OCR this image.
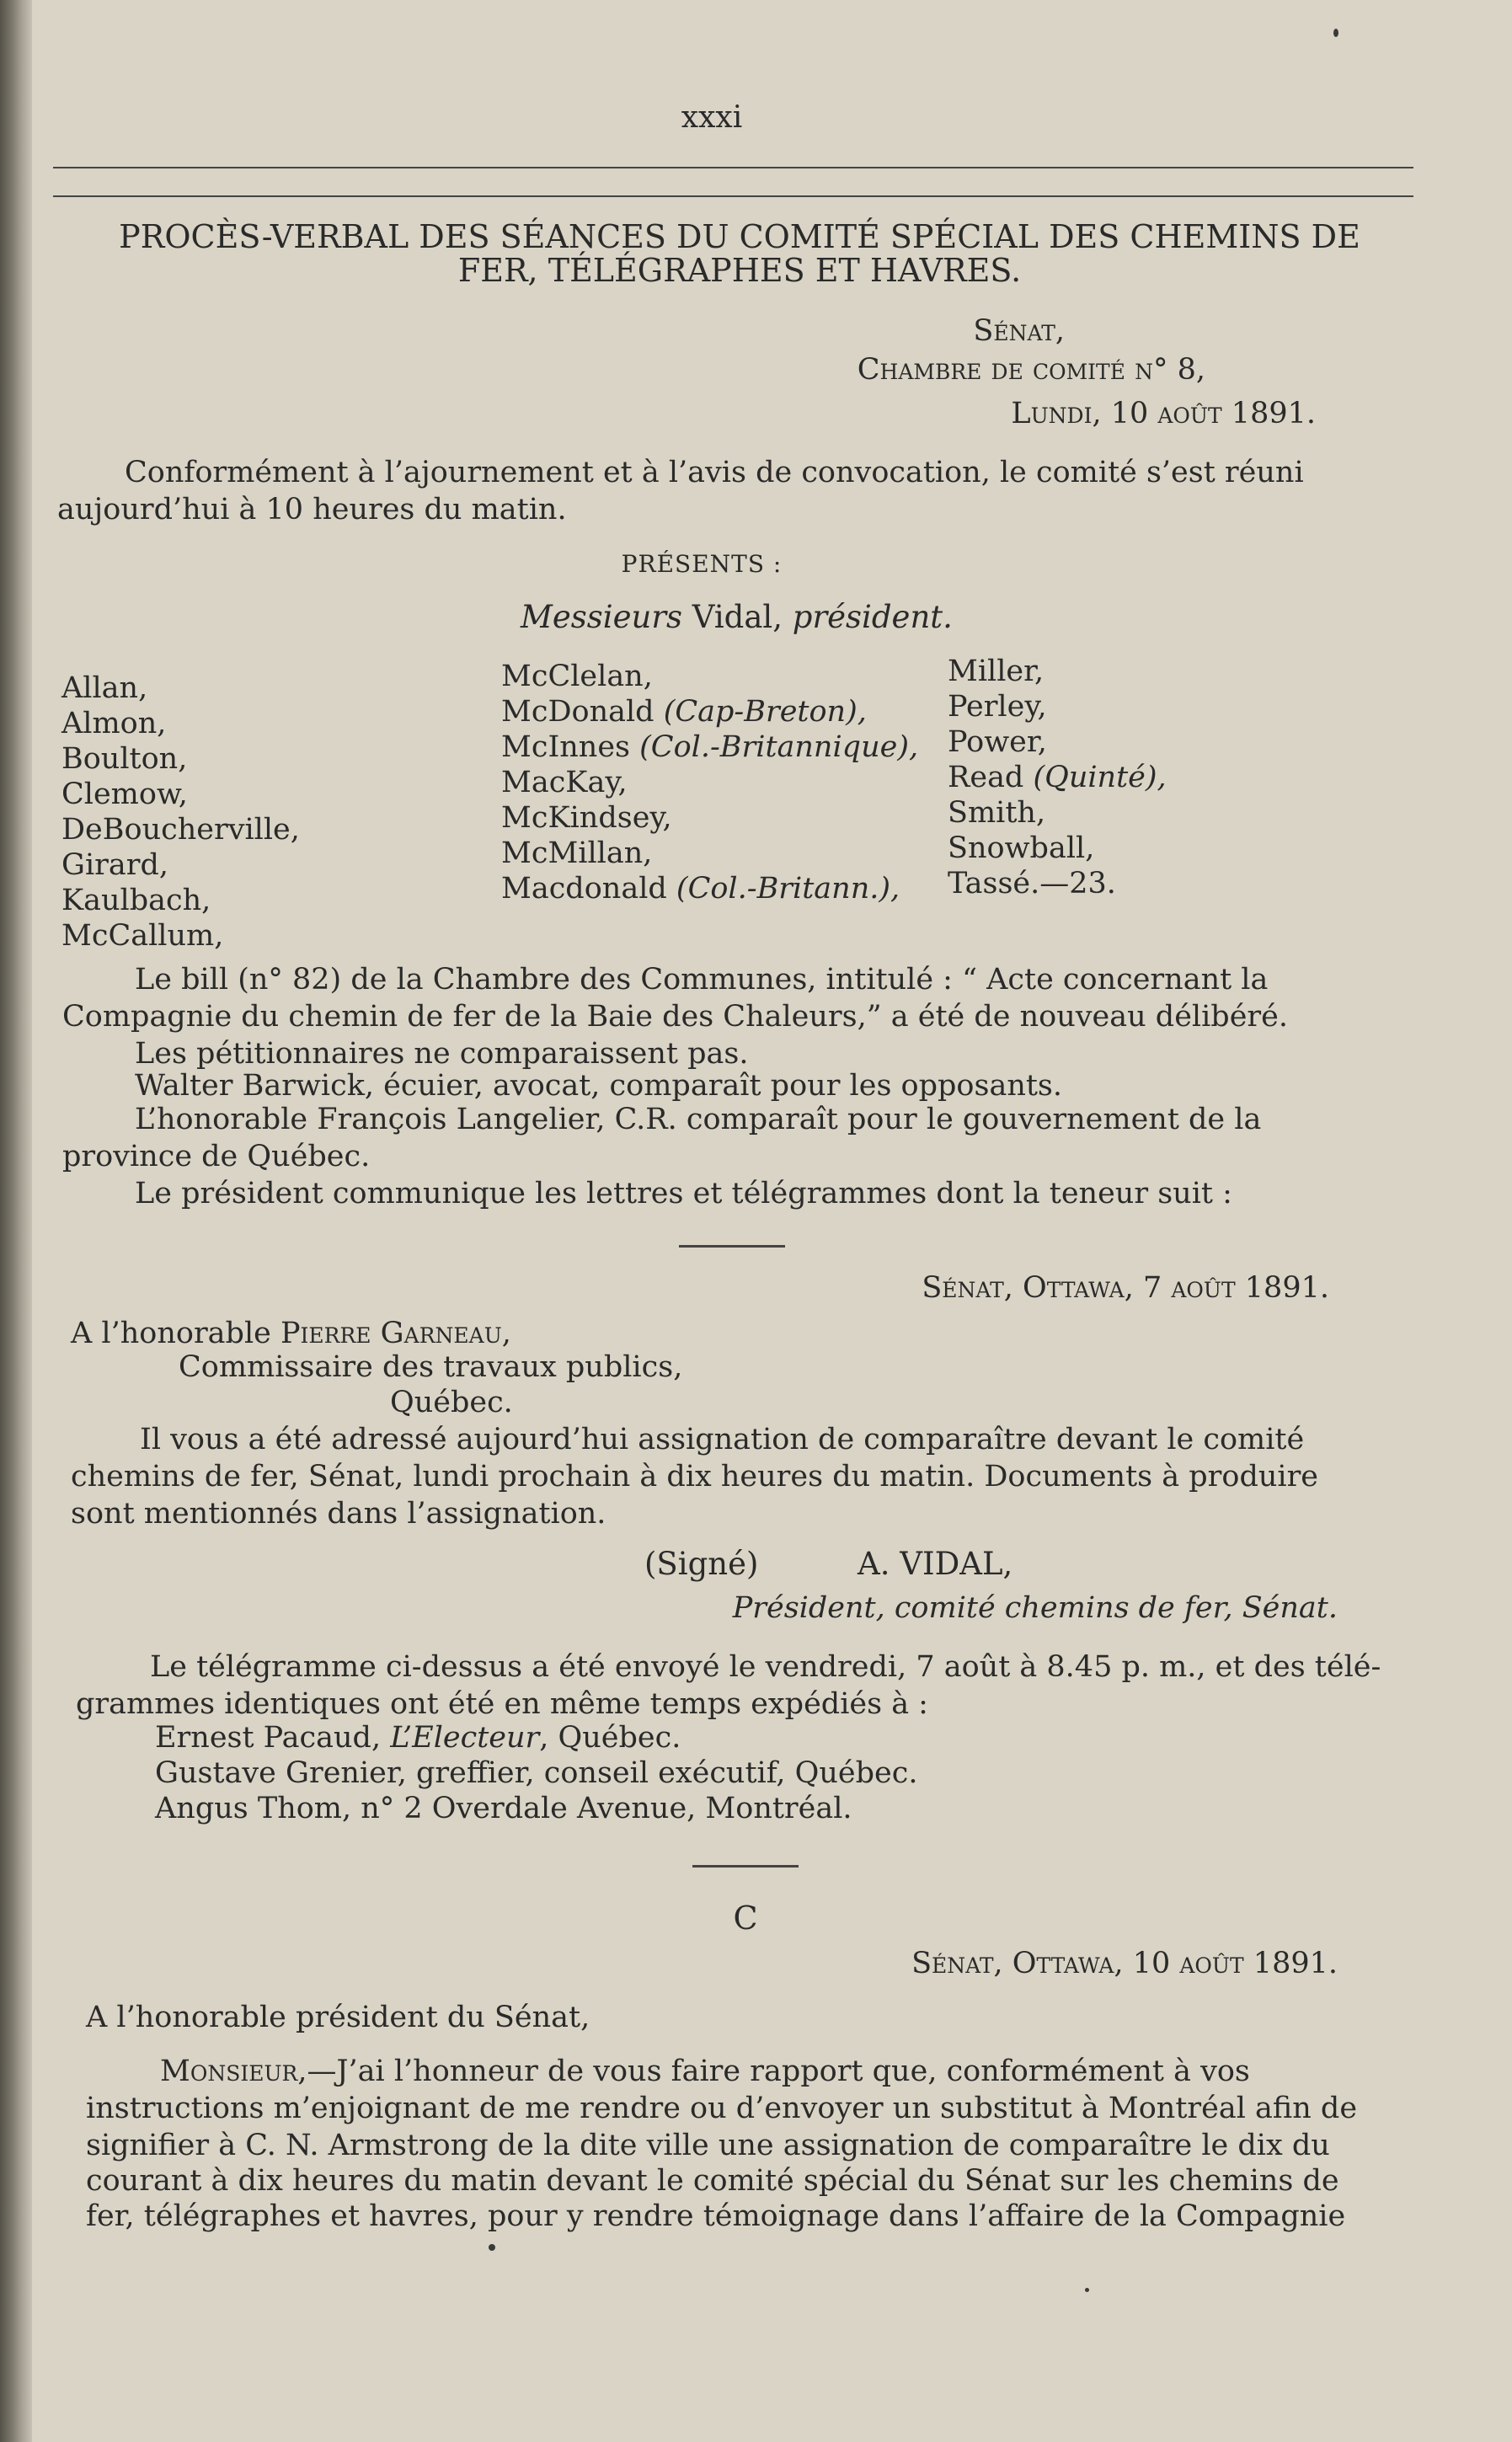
xxxi
PROCÈS-VERBAL DES SÉANCES DU COMITÉ SPÉCIAL DES CHEMINS DE
FER, TÉLÉGRAPHES ET HAVRES.
Sénat,
Chambre de comité n° 8,
Lundi, 10 août 1891.
Conformément à l’ajournement et à l’avis de convocation, le comité s’est réuni
aujourd’hui à 10 heures du matin.
PRÉSENTS :
Messieurs Vidal, président.
Allan,
Almon,
Boulton,
Clemow,
DeBoucherville,
Girard,
Kaulbach,
McCallum,
McClelan,
McDonald (Cap-Breton),
McInnes (Col.-Britannique),
MacKay,
McKindsey,
McMillan,
Macdonald (Col.-Britann.),
Miller,
Perley,
Power,
Read (Quinté),
Smith,
Snowball,
Tassé.—23.
Le bill (n° 82) de la Chambre des Communes, intitulé : “ Acte concernant la
Compagnie du chemin de fer de la Baie des Chaleurs,” a été de nouveau délibéré.
Les pétitionnaires ne comparaissent pas.
Walter Barwick, écuier, avocat, comparaît pour les opposants.
L’honorable François Langelier, C.R. comparaît pour le gouvernement de la
province de Québec.
Le président communique les lettres et télégrammes dont la teneur suit :
Sénat, Ottawa, 7 août 1891.
A l’honorable Pierre Garneau,
Commissaire des travaux publics,
Québec.
Il vous a été adressé aujourd’hui assignation de comparaître devant le comité
chemins de fer, Sénat, lundi prochain à dix heures du matin. Documents à produire
sont mentionnés dans l’assignation.
(Signé)	A. VIDAL,
Président, comité chemins de fer, Sénat.
Le télégramme ci-dessus a été envoyé le vendredi, 7 août à 8.45 p. m., et des télé-
grammes identiques ont été en même temps expédiés à :
Ernest Pacaud, L’Electeur, Québec.
Gustave Grenier, greffier, conseil exécutif, Québec.
Angus Thom, n° 2 Overdale Avenue, Montréal.
C
Sénat, Ottawa, 10 août 1891.
A l’honorable président du Sénat,
Monsieur,—J’ai l’honneur de vous faire rapport que, conformément à vos
instructions m’enjoignant de me rendre ou d’envoyer un substitut à Montréal afin de
signifier à C. N. Armstrong de la dite ville une assignation de comparaître le dix du
courant à dix heures du matin devant le comité spécial du Sénat sur les chemins de
fer, télégraphes et havres, pour y rendre témoignage dans l’affaire de la Compagnie
